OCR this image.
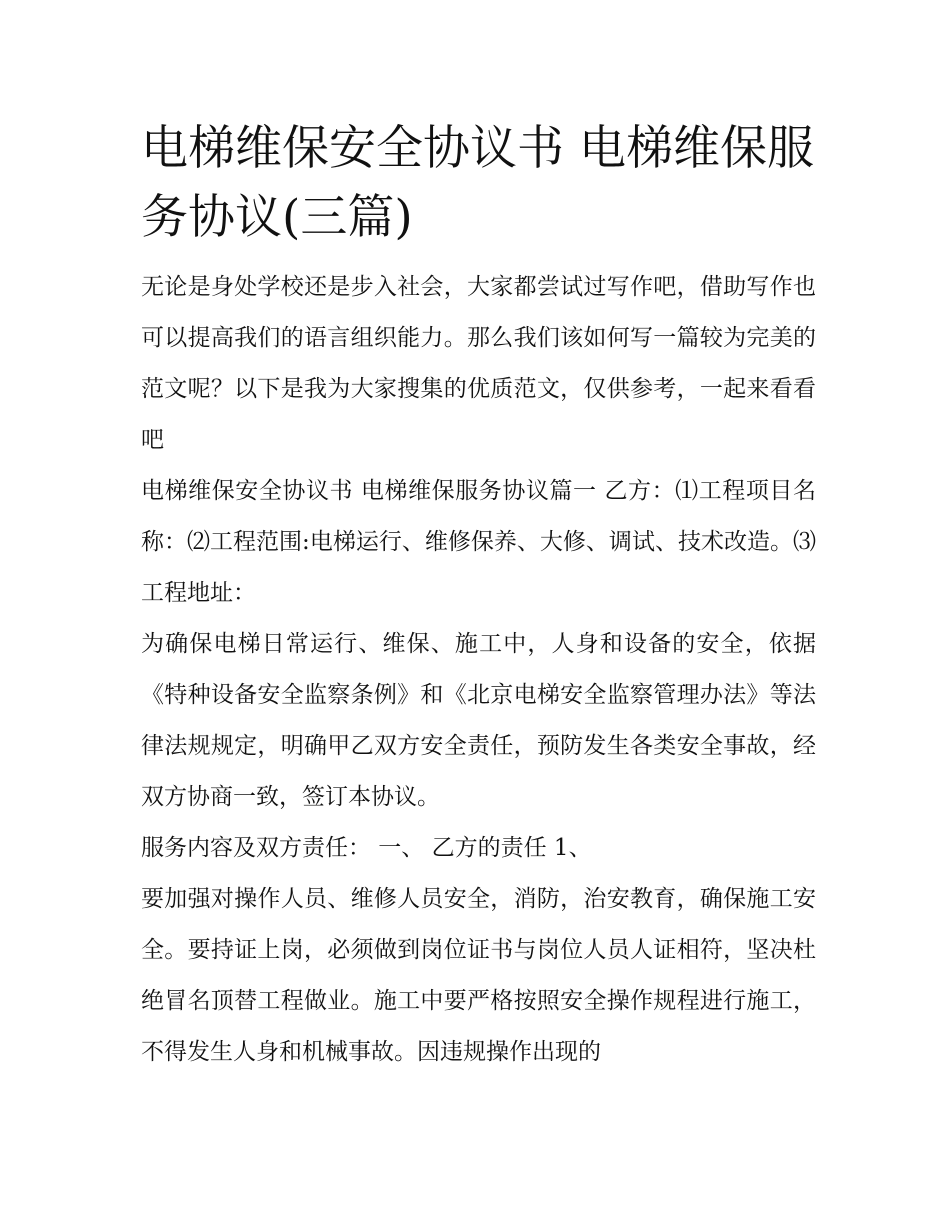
电梯维保安全协议书 电梯维保服务协议(三篇)

无论是身处学校还是步入社会，大家都尝试过写作吧，借助写作也可以提高我们的语言组织能力。那么我们该如何写一篇较为完美的范文呢？以下是我为大家搜集的优质范文，仅供参考，一起来看看吧

电梯维保安全协议书 电梯维保服务协议篇一 乙方：⑴工程项目名称：⑵工程范围:电梯运行、维修保养、大修、调试、技术改造。⑶工程地址：

为确保电梯日常运行、维保、施工中，人身和设备的安全，依据《特种设备安全监察条例》和《北京电梯安全监察管理办法》等法律法规规定，明确甲乙双方安全责任，预防发生各类安全事故，经双方协商一致，签订本协议。

服务内容及双方责任： 一、 乙方的责任 1、

要加强对操作人员、维修人员安全，消防，治安教育，确保施工安全。要持证上岗，必须做到岗位证书与岗位人员人证相符，坚决杜绝冒名顶替工程做业。施工中要严格按照安全操作规程进行施工，不得发生人身和机械事故。因违规操作出现的
